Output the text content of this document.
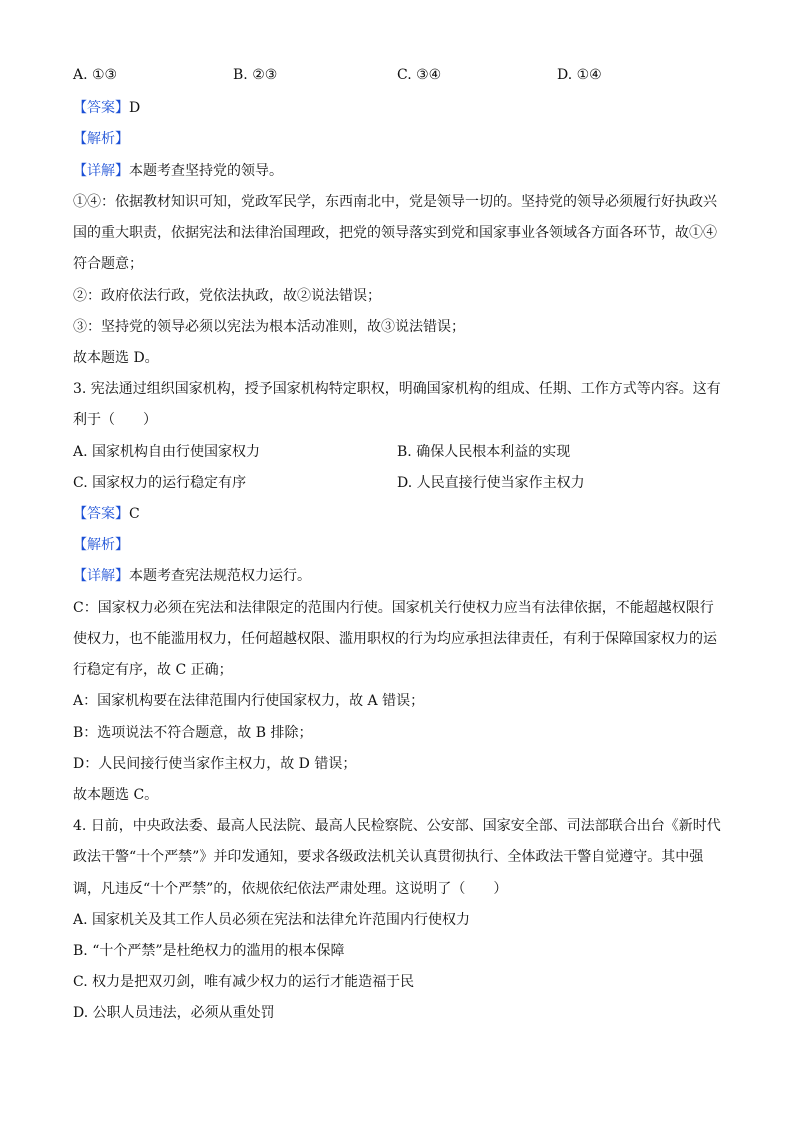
A. ①③	B. ②③	C. ③④	D. ①④
【答案】D
【解析】
【详解】本题考查坚持党的领导。
①④：依据教材知识可知，党政军民学，东西南北中，党是领导一切的。坚持党的领导必须履行好执政兴
国的重大职责，依据宪法和法律治国理政，把党的领导落实到党和国家事业各领域各方面各环节，故①④
符合题意；
②：政府依法行政，党依法执政，故②说法错误；
③：坚持党的领导必须以宪法为根本活动准则，故③说法错误；
故本题选 D。
3. 宪法通过组织国家机构，授予国家机构特定职权，明确国家机构的组成、任期、工作方式等内容。这有
利于（　　）
A. 国家机构自由行使国家权力	B. 确保人民根本利益的实现
C. 国家权力的运行稳定有序	D. 人民直接行使当家作主权力
【答案】C
【解析】
【详解】本题考查宪法规范权力运行。
C：国家权力必须在宪法和法律限定的范围内行使。国家机关行使权力应当有法律依据，不能超越权限行
使权力，也不能滥用权力，任何超越权限、滥用职权的行为均应承担法律责任，有利于保障国家权力的运
行稳定有序，故 C 正确；
A：国家机构要在法律范围内行使国家权力，故 A 错误；
B：选项说法不符合题意，故 B 排除；
D：人民间接行使当家作主权力，故 D 错误；
故本题选 C。
4. 日前，中央政法委、最高人民法院、最高人民检察院、公安部、国家安全部、司法部联合出台《新时代
政法干警“十个严禁”》并印发通知，要求各级政法机关认真贯彻执行、全体政法干警自觉遵守。其中强
调，凡违反“十个严禁”的，依规依纪依法严肃处理。这说明了（　　）
A. 国家机关及其工作人员必须在宪法和法律允许范围内行使权力
B. “十个严禁”是杜绝权力的滥用的根本保障
C. 权力是把双刃剑，唯有减少权力的运行才能造福于民
D. 公职人员违法，必须从重处罚
